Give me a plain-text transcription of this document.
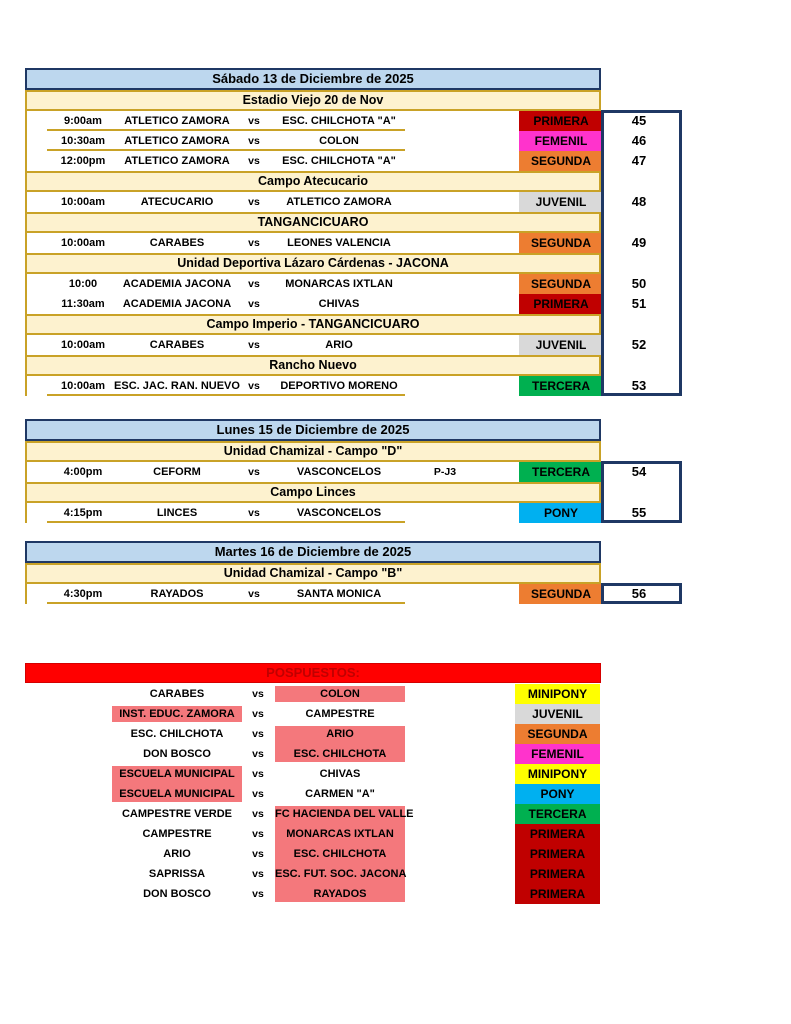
Sábado 13 de Diciembre de 2025
Estadio Viejo 20 de Nov
9:00am	ATLETICO ZAMORA	vs	ESC. CHILCHOTA "A"	PRIMERA	45
10:30am	ATLETICO ZAMORA	vs	COLON	FEMENIL	46
12:00pm	ATLETICO ZAMORA	vs	ESC. CHILCHOTA "A"	SEGUNDA	47
Campo Atecucario
10:00am	ATECUCARIO	vs	ATLETICO ZAMORA	JUVENIL	48
TANGANCICUARO
10:00am	CARABES	vs	LEONES VALENCIA	SEGUNDA	49
Unidad Deportiva Lázaro Cárdenas - JACONA
10:00	ACADEMIA JACONA	vs	MONARCAS IXTLAN	SEGUNDA	50
11:30am	ACADEMIA JACONA	vs	CHIVAS	PRIMERA	51
Campo Imperio - TANGANCICUARO
10:00am	CARABES	vs	ARIO	JUVENIL	52
Rancho Nuevo
10:00am ESC. JAC. RAN. NUEVO vs	DEPORTIVO MORENO	TERCERA	53
Lunes 15 de Diciembre de 2025
Unidad Chamizal - Campo "D"
4:00pm	CEFORM	vs	VASCONCELOS	P-J3	TERCERA	54
Campo Linces
4:15pm	LINCES	vs	VASCONCELOS	PONY	55
Martes 16 de Diciembre de 2025
Unidad Chamizal - Campo "B"
4:30pm	RAYADOS	vs	SANTA MONICA	SEGUNDA	56
POSPUESTOS:
CARABES	vs	COLON	MINIPONY
INST. EDUC. ZAMORA	vs	CAMPESTRE	JUVENIL
ESC. CHILCHOTA	vs	ARIO	SEGUNDA
DON BOSCO	vs	ESC. CHILCHOTA	FEMENIL
ESCUELA MUNICIPAL	vs	CHIVAS	MINIPONY
ESCUELA MUNICIPAL	vs	CARMEN "A"	PONY
CAMPESTRE VERDE	vs	FC HACIENDA DEL VALLE	TERCERA
CAMPESTRE	vs	MONARCAS IXTLAN	PRIMERA
ARIO	vs	ESC. CHILCHOTA	PRIMERA
SAPRISSA	vs	ESC. FUT. SOC. JACONA	PRIMERA
DON BOSCO	vs	RAYADOS	PRIMERA
